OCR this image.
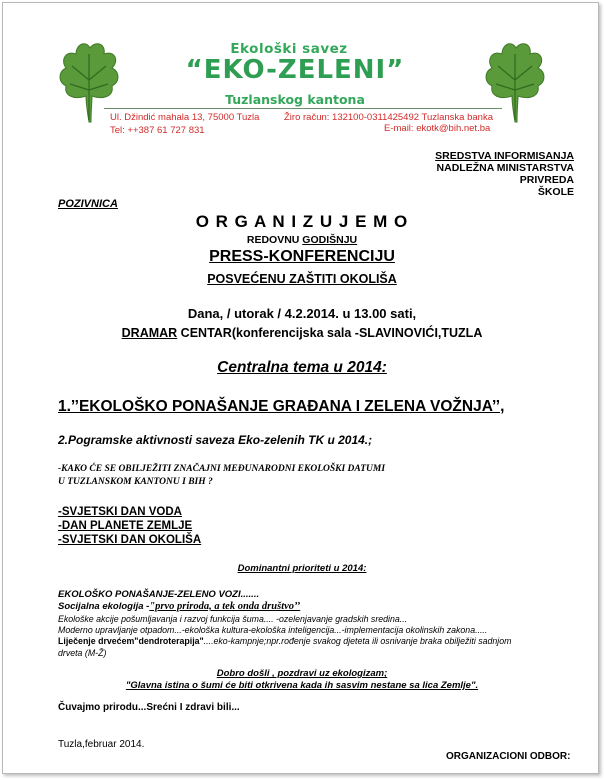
Ekološki savez
“EKO-ZELENI”
Tuzlanskog kantona
Ul. Džindić mahala 13, 75000 Tuzla
Tel: ++387 61 727 831
Žiro račun: 132100-0311425492 Tuzlanska banka
E-mail: ekotk@bih.net.ba
SREDSTVA INFORMISANJA
NADLEŽNA MINISTARSTVA
PRIVREDA
ŠKOLE
POZIVNICA
O R G A N I Z U J E M O
REDOVNU GODIŠNJU
PRESS-KONFERENCIJU
POSVEĆENU ZAŠTITI OKOLIŠA
Dana, / utorak / 4.2.2014. u 13.00 sati,
DRAMAR CENTAR(konferencijska sala -SLAVINOVIĆI,TUZLA
Centralna tema u 2014:
1.’’EKOLOŠKO PONAŠANJE GRAĐANA I ZELENA VOŽNJA’’,
2.Pogramske aktivnosti saveza Eko-zelenih TK u 2014.;
-KAKO ĆE SE OBILJEŽITI ZNAČAJNI MEĐUNARODNI EKOLOŠKI DATUMI
U TUZLANSKOM KANTONU I BIH ?
-SVJETSKI DAN VODA
-DAN PLANETE ZEMLJE
-SVJETSKI DAN OKOLIŠA
Dominantni prioriteti u 2014:
EKOLOŠKO PONAŠANJE-ZELENO VOZI.......
Socijalna ekologija -"prvo priroda, a tek onda društvo’’
Ekološke akcije pošumljavanja i razvoj funkcija šuma.... -ozelenjavanje gradskih sredina...
Moderno upravljanje otpadom...-ekološka kultura-ekološka inteligencija...-implementacija okolinskih zakona.....
Liječenje drvećem"dendroterapija"....eko-kampnje;npr.rođenje svakog djeteta ili osnivanje braka obilježiti sadnjom
drveta (M-Ž)
Dobro došli , pozdravi uz ekologizam;
"Glavna istina o šumi će biti otkrivena kada ih sasvim nestane sa lica Zemlje".
Čuvajmo prirodu...Srećni I zdravi bili...
Tuzla,februar 2014.
ORGANIZACIONI ODBOR:
